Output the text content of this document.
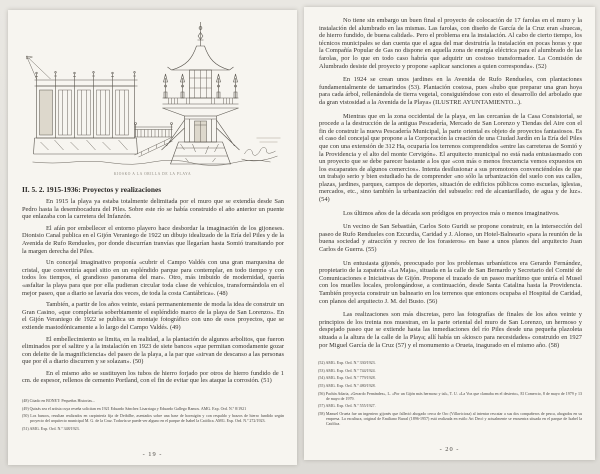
KIOSKO A LA ORILLA DE LA PLAYA
II. 5. 2. 1915-1936: Proyectos y realizaciones

En 1915 la playa ya estaba totalmente delimitada por el muro que se extendía desde San Pedro hasta la desembocadura del Piles. Sobre este río se había construido el año anterior un puente que enlazaba con la carretera del Infanzón.

El afán por embellecer el entorno playero hace desbordar la imaginación de los gijoneses. Dionisio Canal publica en el Gijón Veraniego de 1922 un dibujo idealizado de la Ería del Piles y de la Avenida de Rufo Rendueles, por donde discurrían tranvías que llegarían hasta Somió transitando por la margen derecha del Piles.

Un concejal imaginativo proponía «cubrir el Campo Valdés con una gran marquesina de cristal, que convertiría aquel sitio en un espléndido parque para contemplar, en todo tiempo y con todos los tiempos, el grandioso panorama del mar». Otro, más imbuido de modernidad, quería «asfaltar la playa para que por ella pudieran circular toda clase de vehículos, transformándola en el mejor paseo, que a diario se lavaría dos veces, de toda la costa Cantábrica». (48)

También, a partir de los años veinte, estará permanentemente de moda la idea de construir un Gran Casino, «que completaría soberbiamente el espléndido marco de la playa de San Lorenzo». En el Gijón Veraniego de 1922 se publica un montaje fotográfico con uno de esos proyectos, que se extiende mastodónicamente a lo largo del Campo Valdés. (49)

El embellecimiento se limita, en la realidad, a la plantación de algunos arbolitos, que fueron eliminados por el salitre y a la instalación en 1923 de siete bancos «que permitan comodamente gozar con deleite de la magnificiencia» del paseo de la playa, a la par que «sirvan de descanso a las personas que por él a diario discurren y se solazan». (50)

En el mismo año se sustituyen los tubos de hierro forjado por otros de hierro fundido de 1 cm. de espesor, rellenos de cemento Portland, con el fin de evitar que les ataque la corrosión. (51)

(48) Citado en BONET: Pequeñas Historias...
(49) Quizás sea el artista cuya reseña solicitan en 1921 Eduardo Sánchez Lisarriaga y Eduardo Gallego Ramos. AMG. Exp. Ord. N.º 8/1921
(50) Los bancos, resultan realizados en carpintería fija de Deibilbe, asentados sobre una base de hormigón y con respaldo y brazos de hierro fundido según proyecto del arquitecto municipal M. G. de la Cruz. Todavía se puede ver alguno en el parque de Isabel la Católica. AMG. Exp. Ord. N.º 272/1923.
(51) AMG. Exp. Ord. N.º 348/1923.
- 19 -

No tiene sin embargo un buen final el proyecto de colocación de 17 farolas en el muro y la instalación del alumbrado en las mismas. Las farolas, con diseño de García de la Cruz eran «huecas, de hierro fundido, de buena calidad». Pero el problema era la instalación. Al cabo de cierto tiempo, los técnicos municipales se dan cuenta que el agua del mar destruiría la instalación en pocas horas y que la Compañía Popular de Gas no dispone en aquella zona de energía eléctrica para el alumbrado de las farolas, por lo que en todo caso habría que adquirir un costoso transformador. La Comisión de Alumbrado desiste del proyecto y propone «aplicar sanciones a quien corresponda». (52)

En 1924 se crean unos jardines en la Avenida de Rufo Rendueles, con plantaciones fundamentalmente de tamarindos (53). Plantación costosa, pues «hubo que preparar una gran hoya para cada árbol, rellenándola de tierra vegetal, consiguiéndose con esto el desarrollo del arbolado que da gran vistosidad a la Avenida de la Playa» (ILUSTRE AYUNTAMIENTO...).

Mientras que en la zona occidental de la playa, en las cercanías de la Casa Consistorial, se procede a la destrucción de la antigua Pescadería, Mercado de San Lorenzo y Tiendas del Aire con el fin de construir la nueva Pescadería Municipal, la parte oriental es objeto de proyectos fantasiosos. Es el caso del concejal que propone a la Corporación la creación de una Ciudad Jardín en la Ería del Piles que con una extensión de 312 Ha, ocuparía los terrenos comprendidos «entre las carreteras de Somió y la Providencia y el alto del monte Cervigón». El arquitecto municipal no está nada entusiasmado con un proyecto que se debe parecer bastante a los que «con más o menos frecuencia vemos expuestos en los escaparates de algunos comercios». Intenta desilusionar a sus promotores convenciéndoles de que un trabajo serio y bien estudiado ha de comprender «no sólo la urbanización del suelo con sus calles, plazas, jardines, parques, campos de deportes, situación de edificios públicos como escuelas, iglesias, mercados, etc., sino también la urbanización del subsuelo: red de alcantarillado, de agua y de luz». (54)

Los últimos años de la década son pródigos en proyectos más o menos imaginativos.

Un vecino de San Sebastián, Carlos Soto Guridi se propone construir, en la intersección del paseo de Rufo Rendueles con Ezcurdia, Caridad y J. Alonso, un Hotel-Balneario «para la reunión de la buena sociedad y atracción y recreo de los forasteros» en base a unos planos del arquitecto Juan Carlos de Guerra. (55)

Un entusiasta gijonés, preocupado por los problemas urbanísticos era Gerardo Fernández, propietario de la zapatería «La Maja», situada en la calle de San Bernardo y Secretario del Comité de Comunicaciones e Iniciativas de Gijón. Propone el trazado de un paseo marítimo que uniría el Musel con los muelles locales, prolongándose, a continuación, desde Santa Catalina hasta la Providencia. También proyecta construir un balneario en los terrenos que entonces ocupaba el Hospital de Caridad, con planos del arquitecto J. M. del Busto. (56)

Las realizaciones son más discretas, pero las fotografías de finales de los años veinte y principios de los treinta nos muestran, en la parte oriental del muro de San Lorenzo, un hermoso y despejado paseo que se extiende hasta las inmediaciones del río Piles desde una pequeña plazoleta situada a la altura de la calle de la Playa; allí había un «kiosco para necesidades» construido en 1927 por Miguel García de la Cruz (57) y el monumento a Orueta, inagurado en el mismo año. (58)

(52) AMG. Exp. Ord. N.º 330/1923.
(53) AMG. Exp. Ord. N.º 744/1924.
(54) AMG. Exp. Ord. N.º 779/1928.
(55) AMG. Exp. Ord. N.º 480/1928.
(56) Pachín Adaria, «Gerardo Fernández», L. «Por un Gijón más hermoso y tal», T. U. «La Voz que clamaba en el desierto», El Comercio, 8 de mayo de 1979 y 13 de mayo de 1979.
(57) AMG. Exp. Ord. N.º 555/1927.
(58) Manuel Orueta fue un ingeniero gijonés que falleció ahogado cerca de Oro (Villaviciosa) al intentar rescatar a sus dos compañeros de pesca, ahogados en su empresa. La escultura, original de Emiliano Barral (1896-1957) está realizada en estilo Art Decó y actualmente se encuentra situada en el parque de Isabel la Católica.
- 20 -
